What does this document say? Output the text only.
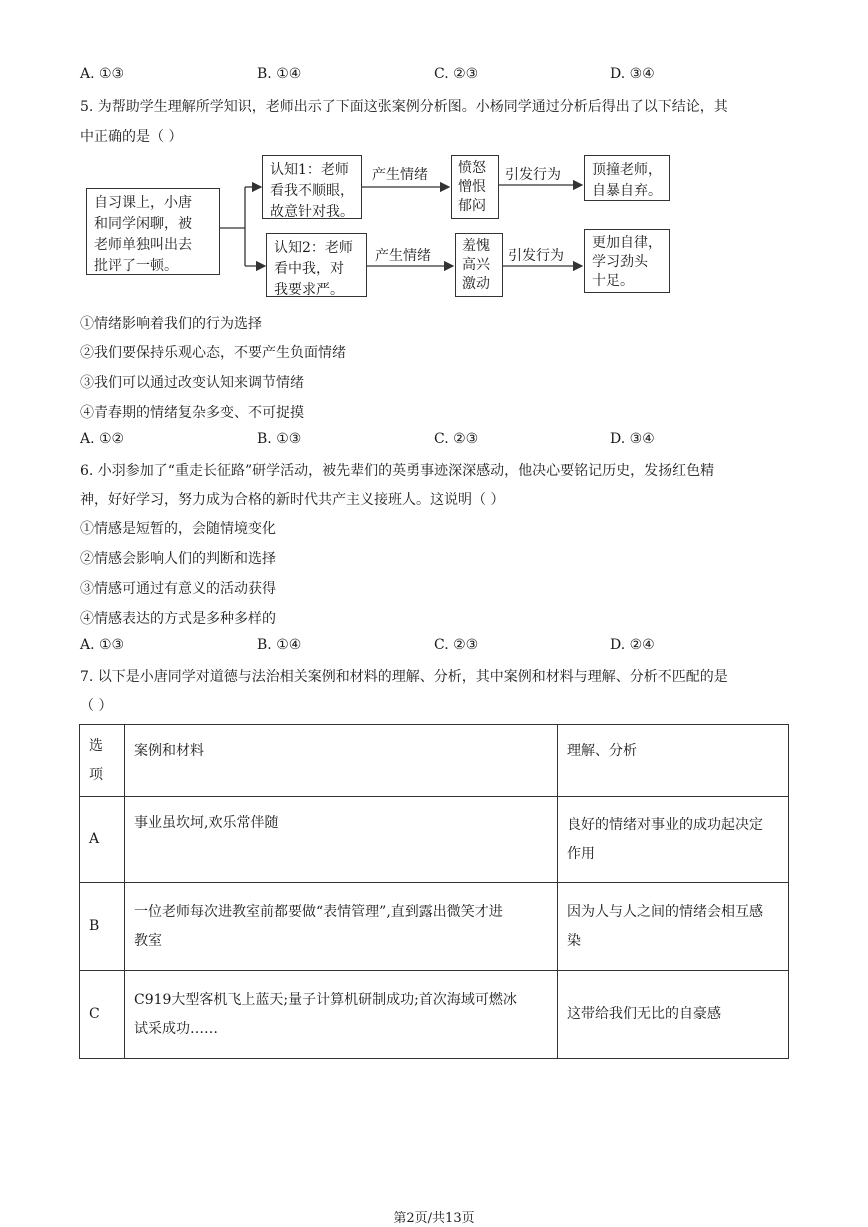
A. ①③	B. ①④	C. ②③	D. ③④
5. 为帮助学生理解所学知识，老师出示了下面这张案例分析图。小杨同学通过分析后得出了以下结论，其
中正确的是（ ）
自习课上，小唐
和同学闲聊，被
老师单独叫出去
批评了一顿。
认知1：老师
看我不顺眼，
故意针对我。
认知2：老师
看中我，对
我要求严。
产生情绪
产生情绪
愤怒
憎恨
郁闷
羞愧
高兴
激动
引发行为
引发行为
顶撞老师，
自暴自弃。
更加自律，
学习劲头
十足。
①情绪影响着我们的行为选择
②我们要保持乐观心态，不要产生负面情绪
③我们可以通过改变认知来调节情绪
④青春期的情绪复杂多变、不可捉摸
A. ①②	B. ①③	C. ②③	D. ③④
6. 小羽参加了“重走长征路”研学活动，被先辈们的英勇事迹深深感动，他决心要铭记历史，发扬红色精
神，好好学习，努力成为合格的新时代共产主义接班人。这说明（ ）
①情感是短暂的，会随情境变化
②情感会影响人们的判断和选择
③情感可通过有意义的活动获得
④情感表达的方式是多种多样的
A. ①③	B. ①④	C. ②③	D. ②④
7. 以下是小唐同学对道德与法治相关案例和材料的理解、分析，其中案例和材料与理解、分析不匹配的是
（ ）
选
项	案例和材料	理解、分析
A	事业虽坎坷,欢乐常伴随	良好的情绪对事业的成功起决定
作用
B	一位老师每次进教室前都要做“表情管理”,直到露出微笑才进
教室	因为人与人之间的情绪会相互感
染
C	C919大型客机飞上蓝天;量子计算机研制成功;首次海域可燃冰
试采成功……	这带给我们无比的自豪感
第2页/共13页
